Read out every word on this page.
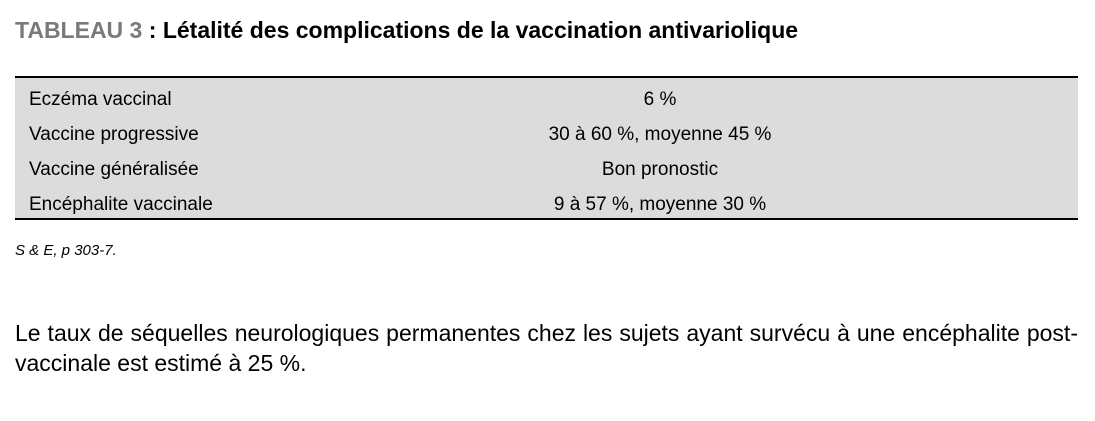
TABLEAU 3 : Létalité des complications de la vaccination antivariolique
Eczéma vaccinal	6 %
Vaccine progressive	30 à 60 %, moyenne 45 %
Vaccine généralisée	Bon pronostic
Encéphalite vaccinale	9 à 57 %, moyenne 30 %
S & E, p 303-7.
Le taux de séquelles neurologiques permanentes chez les sujets ayant survécu à une encéphalite post-vaccinale est estimé à 25 %.
